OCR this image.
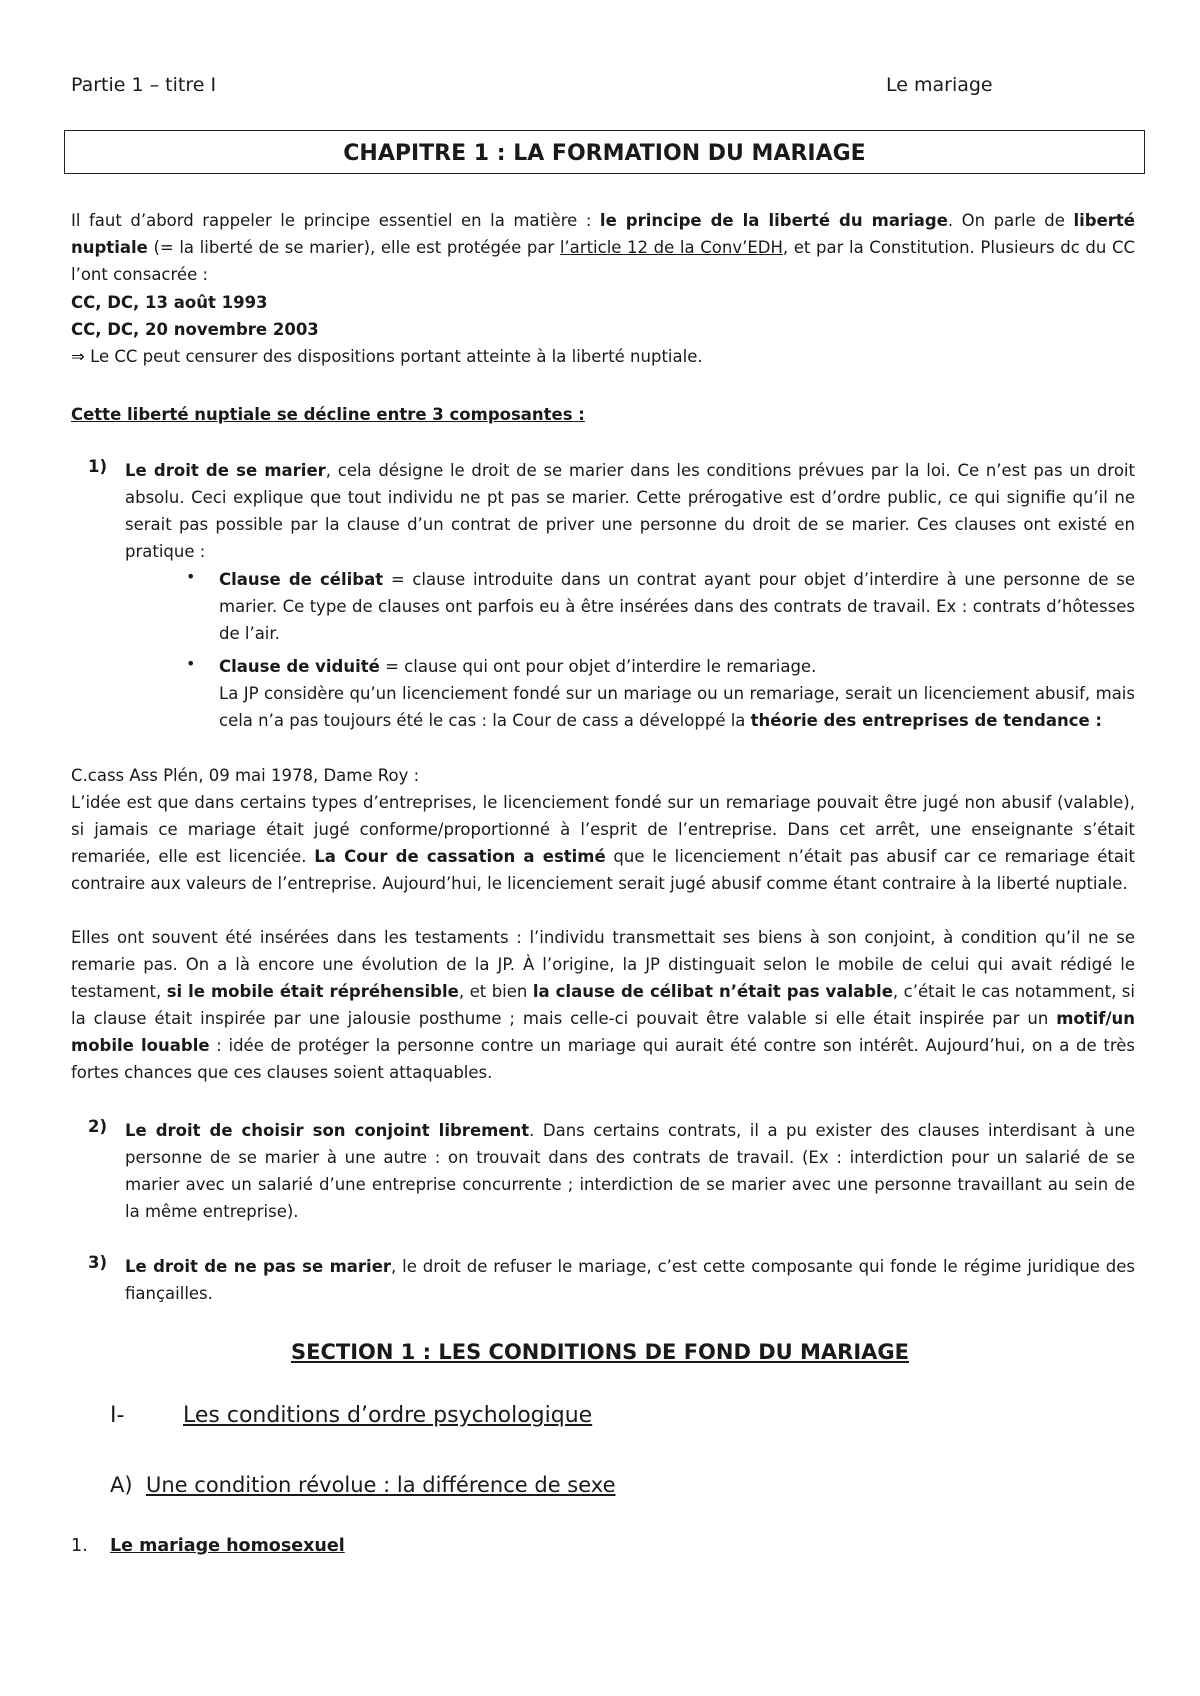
Partie 1 – titre I	Le mariage
CHAPITRE 1 : LA FORMATION DU MARIAGE
Il faut d’abord rappeler le principe essentiel en la matière : le principe de la liberté du mariage. On parle de liberté nuptiale (= la liberté de se marier), elle est protégée par l’article 12 de la Conv’EDH, et par la Constitution. Plusieurs dc du CC l’ont consacrée :
CC, DC, 13 août 1993
CC, DC, 20 novembre 2003
⇒ Le CC peut censurer des dispositions portant atteinte à la liberté nuptiale.
Cette liberté nuptiale se décline entre 3 composantes :
1) Le droit de se marier, cela désigne le droit de se marier dans les conditions prévues par la loi. Ce n’est pas un droit absolu. Ceci explique que tout individu ne pt pas se marier. Cette prérogative est d’ordre public, ce qui signifie qu’il ne serait pas possible par la clause d’un contrat de priver une personne du droit de se marier. Ces clauses ont existé en pratique :
• Clause de célibat = clause introduite dans un contrat ayant pour objet d’interdire à une personne de se marier. Ce type de clauses ont parfois eu à être insérées dans des contrats de travail. Ex : contrats d’hôtesses de l’air.
• Clause de viduité = clause qui ont pour objet d’interdire le remariage.
La JP considère qu’un licenciement fondé sur un mariage ou un remariage, serait un licenciement abusif, mais cela n’a pas toujours été le cas : la Cour de cass a développé la théorie des entreprises de tendance :
C.cass Ass Plén, 09 mai 1978, Dame Roy :
L’idée est que dans certains types d’entreprises, le licenciement fondé sur un remariage pouvait être jugé non abusif (valable), si jamais ce mariage était jugé conforme/proportionné à l’esprit de l’entreprise. Dans cet arrêt, une enseignante s’était remariée, elle est licenciée. La Cour de cassation a estimé que le licenciement n’était pas abusif car ce remariage était contraire aux valeurs de l’entreprise. Aujourd’hui, le licenciement serait jugé abusif comme étant contraire à la liberté nuptiale.
Elles ont souvent été insérées dans les testaments : l’individu transmettait ses biens à son conjoint, à condition qu’il ne se remarie pas. On a là encore une évolution de la JP. À l’origine, la JP distinguait selon le mobile de celui qui avait rédigé le testament, si le mobile était répréhensible, et bien la clause de célibat n’était pas valable, c’était le cas notamment, si la clause était inspirée par une jalousie posthume ; mais celle-ci pouvait être valable si elle était inspirée par un motif/un mobile louable : idée de protéger la personne contre un mariage qui aurait été contre son intérêt. Aujourd’hui, on a de très fortes chances que ces clauses soient attaquables.
2) Le droit de choisir son conjoint librement. Dans certains contrats, il a pu exister des clauses interdisant à une personne de se marier à une autre : on trouvait dans des contrats de travail. (Ex : interdiction pour un salarié de se marier avec un salarié d’une entreprise concurrente ; interdiction de se marier avec une personne travaillant au sein de la même entreprise).
3) Le droit de ne pas se marier, le droit de refuser le mariage, c’est cette composante qui fonde le régime juridique des fiançailles.
SECTION 1 : LES CONDITIONS DE FOND DU MARIAGE
I-	Les conditions d’ordre psychologique
A) Une condition révolue : la différence de sexe
1. Le mariage homosexuel
